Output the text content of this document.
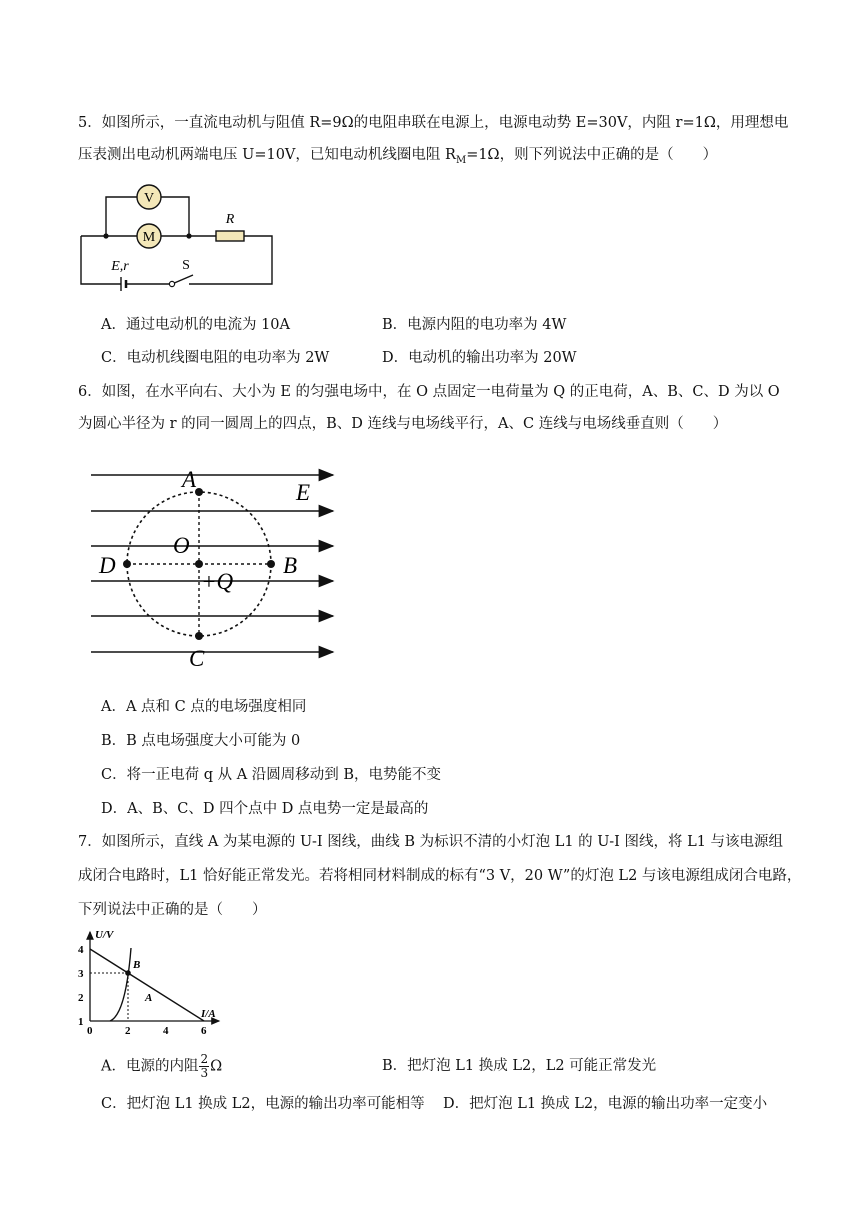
5．如图所示，一直流电动机与阻值 R=9Ω的电阻串联在电源上，电源电动势 E=30V，内阻 r=1Ω，用理想电
压表测出电动机两端电压 U=10V，已知电动机线圈电阻 $R_M=1\Omega$，则下列说法中正确的是（　　）
V
M
R
E,r	S
A．通过电动机的电流为 10A	B．电源内阻的电功率为 4W
C．电动机线圈电阻的电功率为 2W	D．电动机的输出功率为 20W
6．如图，在水平向右、大小为 E 的匀强电场中，在 O 点固定一电荷量为 Q 的正电荷，A、B、C、D 为以 O
为圆心半径为 r 的同一圆周上的四点，B、D 连线与电场线平行，A、C 连线与电场线垂直则（　　）
A
B
C
D
O
+Q
E
A．A 点和 C 点的电场强度相同
B．B 点电场强度大小可能为 0
C．将一正电荷 q 从 A 沿圆周移动到 B，电势能不变
D．A、B、C、D 四个点中 D 点电势一定是最高的
7．如图所示，直线 A 为某电源的 U-I 图线，曲线 B 为标识不清的小灯泡 L1 的 U-I 图线，将 L1 与该电源组
成闭合电路时，L1 恰好能正常发光。若将相同材料制成的标有“3 V，20 W”的灯泡 L2 与该电源组成闭合电路，
下列说法中正确的是（　　）
4
3
2
1
0	2	4	6
U/V
I/A
B
A
A．电源的内阻 $\frac{2}{3}$ Ω	B．把灯泡 L1 换成 L2，L2 可能正常发光
C．把灯泡 L1 换成 L2，电源的输出功率可能相等 D．把灯泡 L1 换成 L2，电源的输出功率一定变小
